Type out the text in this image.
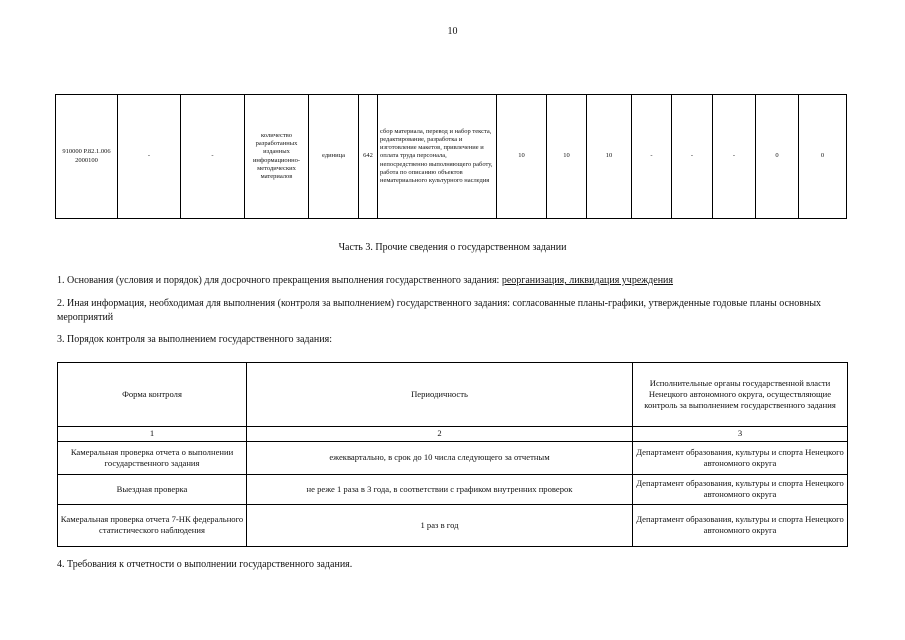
10
910000 Р.82.1.006 2000100	-	-	количество разработанных изданных информационно-методических материалов	единица	642	сбор материала, перевод и набор текста, редактирование, разработка и изготовление макетов, привлечение и оплата труда персонала, непосредственно выполняющего работу, работа по описанию объектов нематериального культурного наследия	10	10	10	-	-	-	0	0
Часть 3. Прочие сведения о государственном задании
1. Основания (условия и порядок) для досрочного прекращения выполнения государственного задания: реорганизация, ликвидация учреждения
2. Иная информация, необходимая для выполнения (контроля за выполнением) государственного задания: согласованные планы-графики, утвержденные годовые планы основных мероприятий
3. Порядок контроля за выполнением государственного задания:
Форма контроля	Периодичность	Исполнительные органы государственной власти Ненецкого автономного округа, осуществляющие контроль за выполнением государственного задания
1	2	3
Камеральная проверка отчета о выполнении государственного задания	ежеквартально, в срок до 10 числа следующего за отчетным	Департамент образования, культуры и спорта Ненецкого автономного округа
Выездная проверка	не реже 1 раза в 3 года, в соответствии с графиком внутренних проверок	Департамент образования, культуры и спорта Ненецкого автономного округа
Камеральная проверка отчета 7-НК федерального статистического наблюдения	1 раз в год	Департамент образования, культуры и спорта Ненецкого автономного округа
4. Требования к отчетности о выполнении государственного задания.
